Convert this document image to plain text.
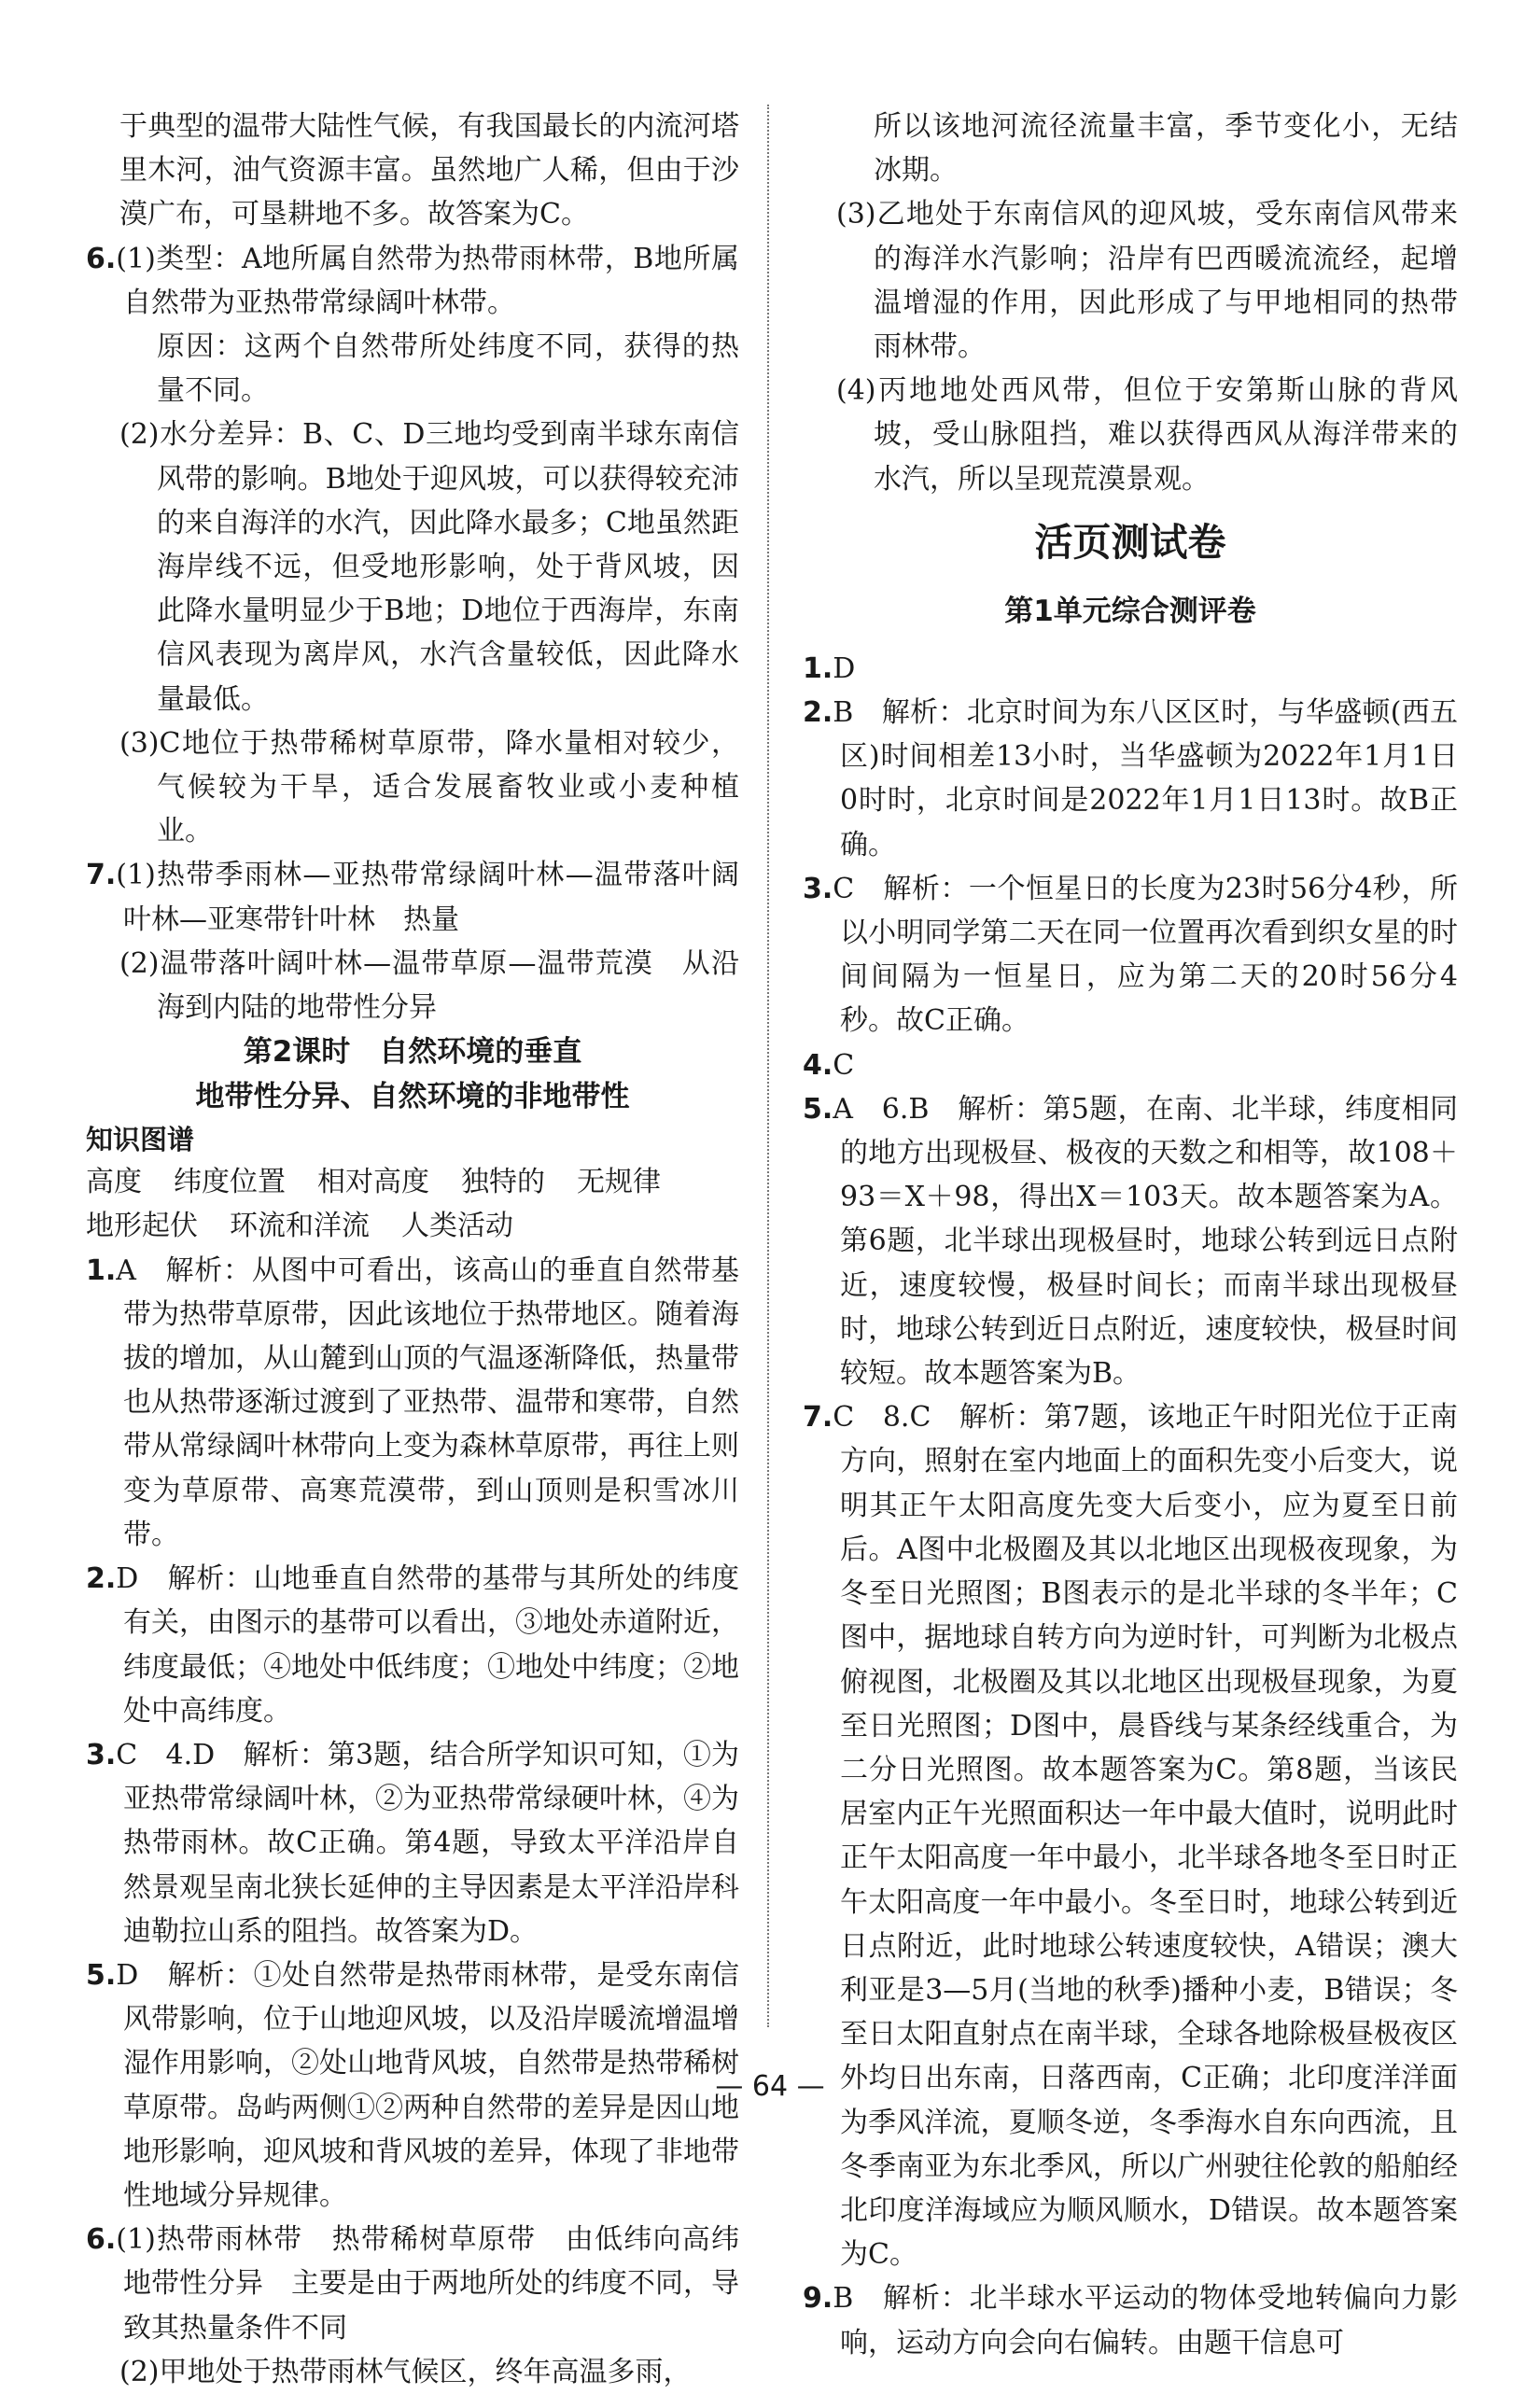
于典型的温带大陆性气候，有我国最长的内流河塔里木河，油气资源丰富。虽然地广人稀，但由于沙漠广布，可垦耕地不多。故答案为C。

6.(1)类型：A地所属自然带为热带雨林带，B地所属自然带为亚热带常绿阔叶林带。

原因：这两个自然带所处纬度不同，获得的热量不同。

(2)水分差异：B、C、D三地均受到南半球东南信风带的影响。B地处于迎风坡，可以获得较充沛的来自海洋的水汽，因此降水最多；C地虽然距海岸线不远，但受地形影响，处于背风坡，因此降水量明显少于B地；D地位于西海岸，东南信风表现为离岸风，水汽含量较低，因此降水量最低。

(3)C地位于热带稀树草原带，降水量相对较少，气候较为干旱，适合发展畜牧业或小麦种植业。

7.(1)热带季雨林—亚热带常绿阔叶林—温带落叶阔叶林—亚寒带针叶林　热量

(2)温带落叶阔叶林—温带草原—温带荒漠　从沿海到内陆的地带性分异

第2课时　自然环境的垂直

地带性分异、自然环境的非地带性

知识图谱

高度 纬度位置 相对高度 独特的 无规律

地形起伏 环流和洋流 人类活动

1.A　解析：从图中可看出，该高山的垂直自然带基带为热带草原带，因此该地位于热带地区。随着海拔的增加，从山麓到山顶的气温逐渐降低，热量带也从热带逐渐过渡到了亚热带、温带和寒带，自然带从常绿阔叶林带向上变为森林草原带，再往上则变为草原带、高寒荒漠带，到山顶则是积雪冰川带。

2.D　解析：山地垂直自然带的基带与其所处的纬度有关，由图示的基带可以看出，③地处赤道附近，纬度最低；④地处中低纬度；①地处中纬度；②地处中高纬度。

3.C　4.D　解析：第3题，结合所学知识可知，①为亚热带常绿阔叶林，②为亚热带常绿硬叶林，④为热带雨林。故C正确。第4题，导致太平洋沿岸自然景观呈南北狭长延伸的主导因素是太平洋沿岸科迪勒拉山系的阻挡。故答案为D。

5.D　解析：①处自然带是热带雨林带，是受东南信风带影响，位于山地迎风坡，以及沿岸暖流增温增湿作用影响，②处山地背风坡，自然带是热带稀树草原带。岛屿两侧①②两种自然带的差异是因山地地形影响，迎风坡和背风坡的差异，体现了非地带性地域分异规律。

6.(1)热带雨林带　热带稀树草原带　由低纬向高纬地带性分异　主要是由于两地所处的纬度不同，导致其热量条件不同

(2)甲地处于热带雨林气候区，终年高温多雨，

所以该地河流径流量丰富，季节变化小，无结冰期。

(3)乙地处于东南信风的迎风坡，受东南信风带来的海洋水汽影响；沿岸有巴西暖流流经，起增温增湿的作用，因此形成了与甲地相同的热带雨林带。

(4)丙地地处西风带，但位于安第斯山脉的背风坡，受山脉阻挡，难以获得西风从海洋带来的水汽，所以呈现荒漠景观。

活页测试卷

第1单元综合测评卷

1.D

2.B　解析：北京时间为东八区区时，与华盛顿(西五区)时间相差13小时，当华盛顿为2022年1月1日0时时，北京时间是2022年1月1日13时。故B正确。

3.C　解析：一个恒星日的长度为23时56分4秒，所以小明同学第二天在同一位置再次看到织女星的时间间隔为一恒星日，应为第二天的20时56分4秒。故C正确。

4.C

5.A　6.B　解析：第5题，在南、北半球，纬度相同的地方出现极昼、极夜的天数之和相等，故108＋93＝X＋98，得出X＝103天。故本题答案为A。第6题，北半球出现极昼时，地球公转到远日点附近，速度较慢，极昼时间长；而南半球出现极昼时，地球公转到近日点附近，速度较快，极昼时间较短。故本题答案为B。

7.C　8.C　解析：第7题，该地正午时阳光位于正南方向，照射在室内地面上的面积先变小后变大，说明其正午太阳高度先变大后变小，应为夏至日前后。A图中北极圈及其以北地区出现极夜现象，为冬至日光照图；B图表示的是北半球的冬半年；C图中，据地球自转方向为逆时针，可判断为北极点俯视图，北极圈及其以北地区出现极昼现象，为夏至日光照图；D图中，晨昏线与某条经线重合，为二分日光照图。故本题答案为C。第8题，当该民居室内正午光照面积达一年中最大值时，说明此时正午太阳高度一年中最小，北半球各地冬至日时正午太阳高度一年中最小。冬至日时，地球公转到近日点附近，此时地球公转速度较快，A错误；澳大利亚是3—5月(当地的秋季)播种小麦，B错误；冬至日太阳直射点在南半球，全球各地除极昼极夜区外均日出东南，日落西南，C正确；北印度洋洋面为季风洋流，夏顺冬逆，冬季海水自东向西流，且冬季南亚为东北季风，所以广州驶往伦敦的船舶经北印度洋海域应为顺风顺水，D错误。故本题答案为C。

9.B　解析：北半球水平运动的物体受地转偏向力影响，运动方向会向右偏转。由题干信息可

— 64 —
